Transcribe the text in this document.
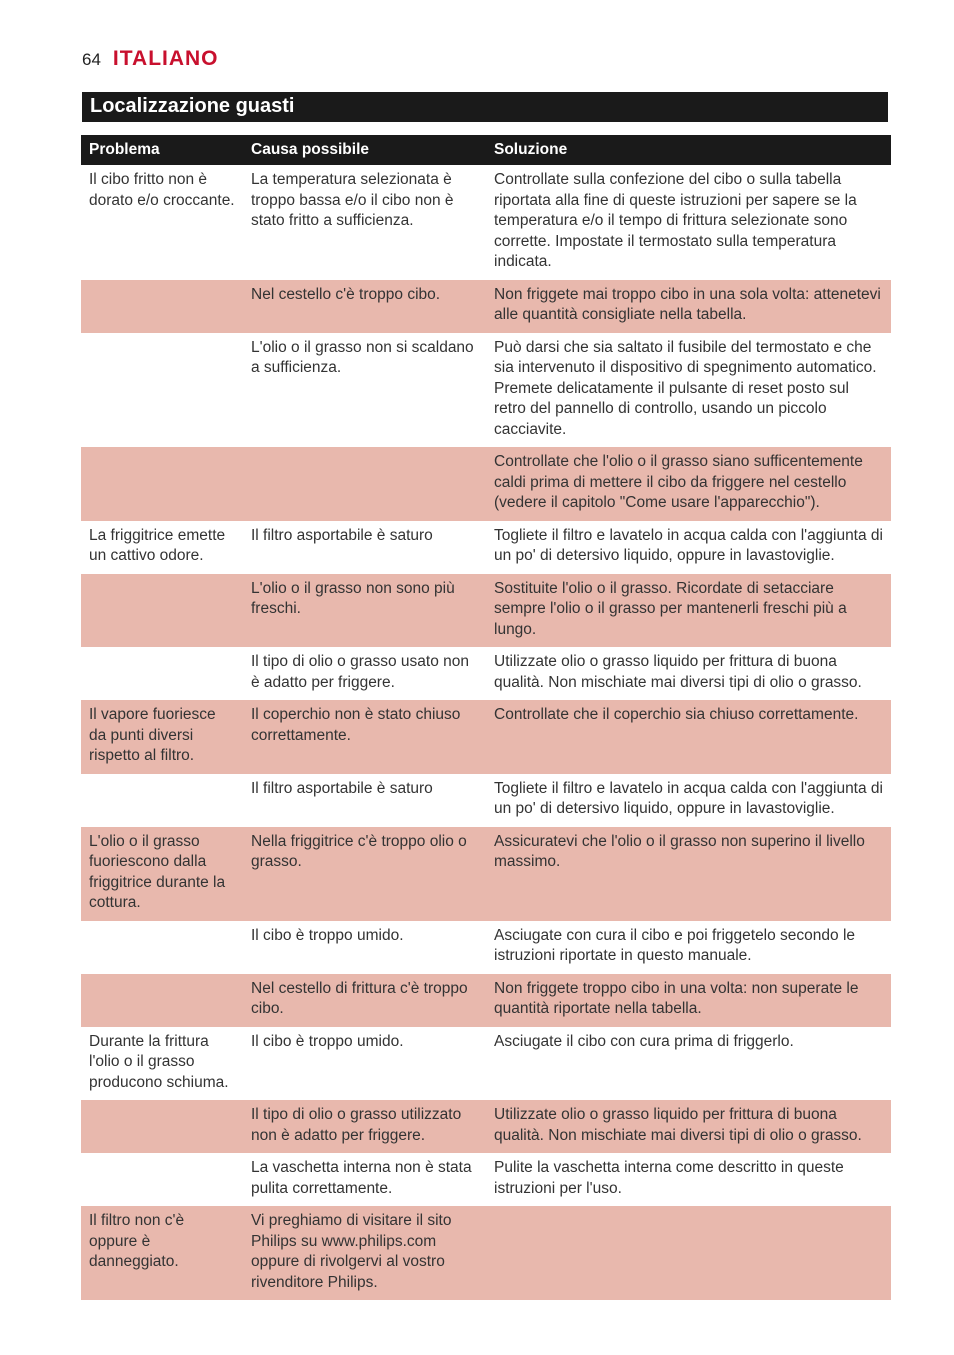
64 ITALIANO
Localizzazione guasti
Problema	Causa possibile	Soluzione
Il cibo fritto non è dorato e/o croccante.	La temperatura selezionata è troppo bassa e/o il cibo non è stato fritto a sufficienza.	Controllate sulla confezione del cibo o sulla tabella riportata alla fine di queste istruzioni per sapere se la temperatura e/o il tempo di frittura selezionate sono corrette. Impostate il termostato sulla temperatura indicata.
	Nel cestello c'è troppo cibo.	Non friggete mai troppo cibo in una sola volta: attenetevi alle quantità consigliate nella tabella.
	L'olio o il grasso non si scaldano a sufficienza.	Può darsi che sia saltato il fusibile del termostato e che sia intervenuto il dispositivo di spegnimento automatico. Premete delicatamente il pulsante di reset posto sul retro del pannello di controllo, usando un piccolo cacciavite.
		Controllate che l'olio o il grasso siano sufficentemente caldi prima di mettere il cibo da friggere nel cestello (vedere il capitolo "Come usare l'apparecchio").
La friggitrice emette un cattivo odore.	Il filtro asportabile è saturo	Togliete il filtro e lavatelo in acqua calda con l'aggiunta di un po' di detersivo liquido, oppure in lavastoviglie.
	L'olio o il grasso non sono più freschi.	Sostituite l'olio o il grasso. Ricordate di setacciare sempre l'olio o il grasso per mantenerli freschi più a lungo.
	Il tipo di olio o grasso usato non è adatto per friggere.	Utilizzate olio o grasso liquido per frittura di buona qualità. Non mischiate mai diversi tipi di olio o grasso.
Il vapore fuoriesce da punti diversi rispetto al filtro.	Il coperchio non è stato chiuso correttamente.	Controllate che il coperchio sia chiuso correttamente.
	Il filtro asportabile è saturo	Togliete il filtro e lavatelo in acqua calda con l'aggiunta di un po' di detersivo liquido, oppure in lavastoviglie.
L'olio o il grasso fuoriescono dalla friggitrice durante la cottura.	Nella friggitrice c'è troppo olio o grasso.	Assicuratevi che l'olio o il grasso non superino il livello massimo.
	Il cibo è troppo umido.	Asciugate con cura il cibo e poi friggetelo secondo le istruzioni riportate in questo manuale.
	Nel cestello di frittura c'è troppo cibo.	Non friggete troppo cibo in una volta: non superate le quantità riportate nella tabella.
Durante la frittura l'olio o il grasso producono schiuma.	Il cibo è troppo umido.	Asciugate il cibo con cura prima di friggerlo.
	Il tipo di olio o grasso utilizzato non è adatto per friggere.	Utilizzate olio o grasso liquido per frittura di buona qualità. Non mischiate mai diversi tipi di olio o grasso.
	La vaschetta interna non è stata pulita correttamente.	Pulite la vaschetta interna come descritto in queste istruzioni per l'uso.
Il filtro non c'è oppure è danneggiato.	Vi preghiamo di visitare il sito Philips su www.philips.com oppure di rivolgervi al vostro rivenditore Philips.	
